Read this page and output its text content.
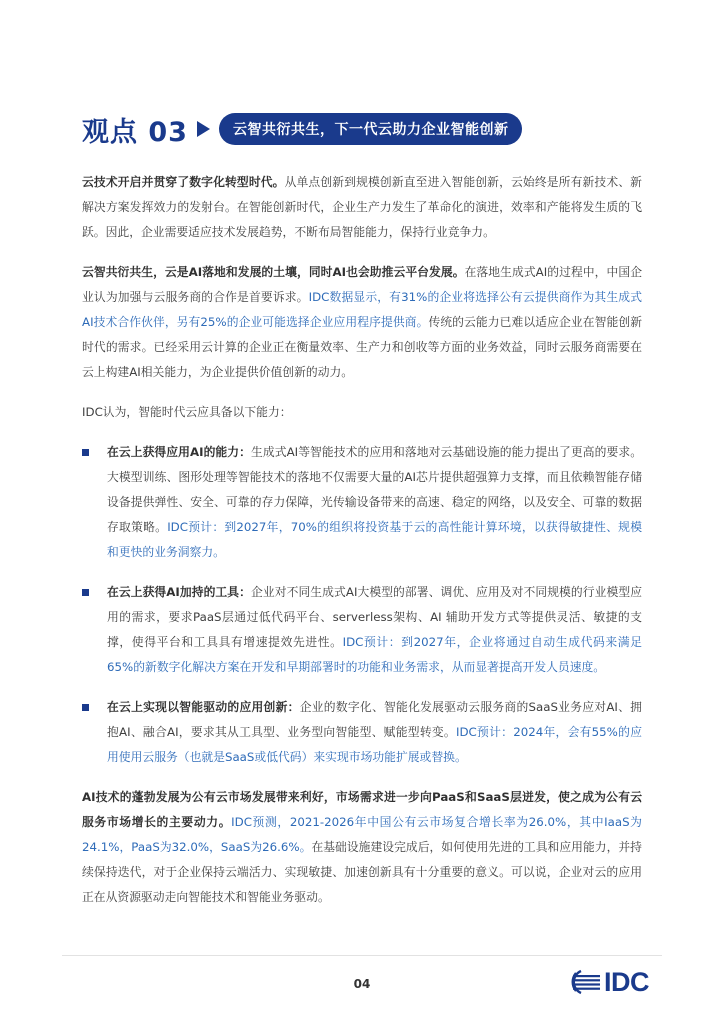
观点 03	云智共衍共生，下一代云助力企业智能创新

云技术开启并贯穿了数字化转型时代。从单点创新到规模创新直至进入智能创新，云始终是所有新技术、新解决方案发挥效力的发射台。在智能创新时代，企业生产力发生了革命化的演进，效率和产能将发生质的飞跃。因此，企业需要适应技术发展趋势，不断布局智能能力，保持行业竞争力。

云智共衍共生，云是AI落地和发展的土壤，同时AI也会助推云平台发展。在落地生成式AI的过程中，中国企业认为加强与云服务商的合作是首要诉求。IDC数据显示，有31%的企业将选择公有云提供商作为其生成式AI技术合作伙伴，另有25%的企业可能选择企业应用程序提供商。传统的云能力已难以适应企业在智能创新时代的需求。已经采用云计算的企业正在衡量效率、生产力和创收等方面的业务效益，同时云服务商需要在云上构建AI相关能力，为企业提供价值创新的动力。

IDC认为，智能时代云应具备以下能力：

在云上获得应用AI的能力：生成式AI等智能技术的应用和落地对云基础设施的能力提出了更高的要求。大模型训练、图形处理等智能技术的落地不仅需要大量的AI芯片提供超强算力支撑，而且依赖智能存储设备提供弹性、安全、可靠的存力保障，光传输设备带来的高速、稳定的网络，以及安全、可靠的数据存取策略。IDC预计：到2027年，70%的组织将投资基于云的高性能计算环境，以获得敏捷性、规模和更快的业务洞察力。
在云上获得AI加持的工具：企业对不同生成式AI大模型的部署、调优、应用及对不同规模的行业模型应用的需求，要求PaaS层通过低代码平台、serverless架构、AI 辅助开发方式等提供灵活、敏捷的支撑，使得平台和工具具有增速提效先进性。IDC预计：到2027年，企业将通过自动生成代码来满足65%的新数字化解决方案在开发和早期部署时的功能和业务需求，从而显著提高开发人员速度。
在云上实现以智能驱动的应用创新：企业的数字化、智能化发展驱动云服务商的SaaS业务应对AI、拥抱AI、融合AI，要求其从工具型、业务型向智能型、赋能型转变。IDC预计：2024年，会有55%的应用使用云服务（也就是SaaS或低代码）来实现市场功能扩展或替换。

AI技术的蓬勃发展为公有云市场发展带来利好，市场需求进一步向PaaS和SaaS层迸发，使之成为公有云服务市场增长的主要动力。IDC预测，2021-2026年中国公有云市场复合增长率为26.0%，其中IaaS为24.1%，PaaS为32.0%，SaaS为26.6%。在基础设施建设完成后，如何使用先进的工具和应用能力，并持续保持迭代，对于企业保持云端活力、实现敏捷、加速创新具有十分重要的意义。可以说，企业对云的应用正在从资源驱动走向智能技术和智能业务驱动。

04	IDC
